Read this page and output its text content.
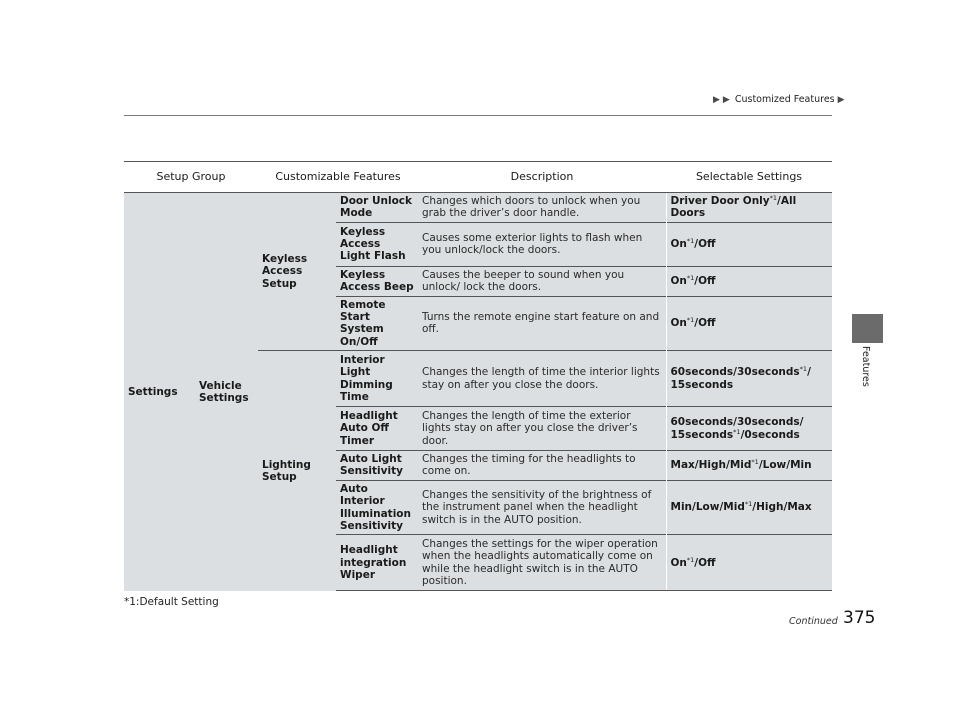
▶ ▶ Customized Features ▶
Features
Setup Group		Customizable Features		Description	Selectable Settings
Settings	Vehicle Settings	Keyless Access Setup	Door Unlock Mode	Changes which doors to unlock when you grab the driver’s door handle.	Driver Door Only$^{*1}$/All Doors
			Keyless Access Light Flash	Causes some exterior lights to flash when you unlock/lock the doors.	On$^{*1}$/Off
			Keyless Access Beep	Causes the beeper to sound when you unlock/ lock the doors.	On$^{*1}$/Off
			Remote Start System On/Off	Turns the remote engine start feature on and off.	On$^{*1}$/Off
		Lighting Setup	Interior Light Dimming Time	Changes the length of time the interior lights stay on after you close the doors.	60seconds/30seconds$^{*1}$/ 15seconds
			Headlight Auto Off Timer	Changes the length of time the exterior lights stay on after you close the driver’s door.	60seconds/30seconds/ 15seconds$^{*1}$/0seconds
			Auto Light Sensitivity	Changes the timing for the headlights to come on.	Max/High/Mid$^{*1}$/Low/Min
			Auto Interior Illumination Sensitivity	Changes the sensitivity of the brightness of the instrument panel when the headlight switch is in the AUTO position.	Min/Low/Mid$^{*1}$/High/Max
			Headlight integration Wiper	Changes the settings for the wiper operation when the headlights automatically come on while the headlight switch is in the AUTO position.	On$^{*1}$/Off
*1:Default Setting
Continued 375
